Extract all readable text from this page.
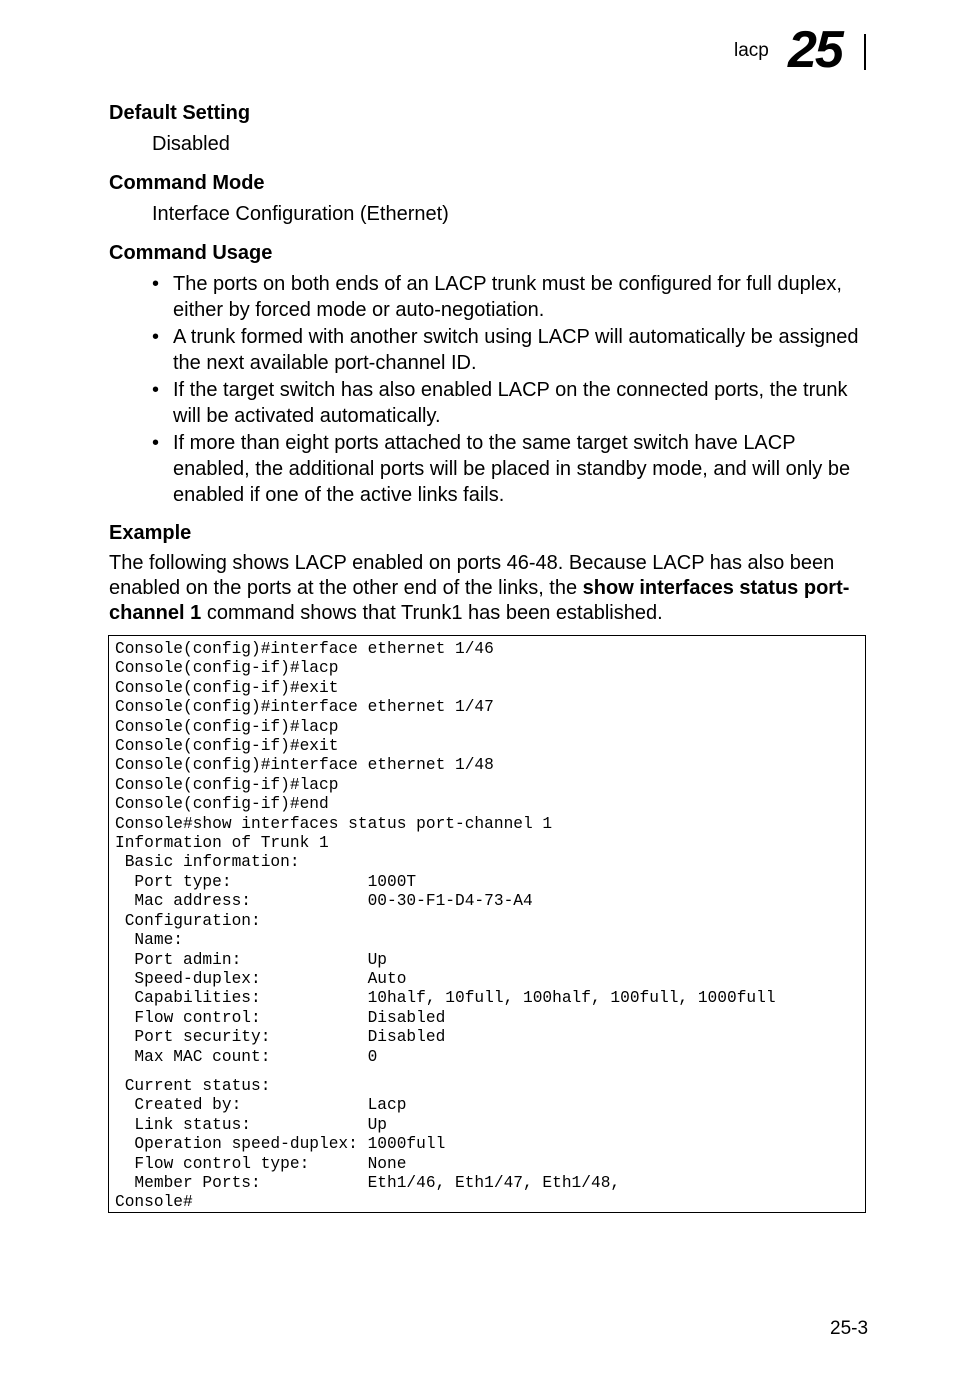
lacp 25
Default Setting
Disabled
Command Mode
Interface Configuration (Ethernet)
Command Usage
• The ports on both ends of an LACP trunk must be configured for full duplex, either by forced mode or auto-negotiation.
• A trunk formed with another switch using LACP will automatically be assigned the next available port-channel ID.
• If the target switch has also enabled LACP on the connected ports, the trunk will be activated automatically.
• If more than eight ports attached to the same target switch have LACP enabled, the additional ports will be placed in standby mode, and will only be enabled if one of the active links fails.
Example

The following shows LACP enabled on ports 46-48. Because LACP has also been enabled on the ports at the other end of the links, the show interfaces status port-channel 1 command shows that Trunk1 has been established.

Console(config)#interface ethernet 1/46
Console(config-if)#lacp
Console(config-if)#exit
Console(config)#interface ethernet 1/47
Console(config-if)#lacp
Console(config-if)#exit
Console(config)#interface ethernet 1/48
Console(config-if)#lacp
Console(config-if)#end
Console#show interfaces status port-channel 1
Information of Trunk 1
Basic information:
Port type:              1000T
Mac address:            00-30-F1-D4-73-A4
Configuration:
Name:
Port admin:             Up
Speed-duplex:           Auto
Capabilities:           10half, 10full, 100half, 100full, 1000full
Flow control:           Disabled
Port security:          Disabled
Max MAC count:          0
Current status:
Created by:             Lacp
Link status:            Up
Operation speed-duplex: 1000full
Flow control type:      None
Member Ports:           Eth1/46, Eth1/47, Eth1/48,
Console#
25-3
